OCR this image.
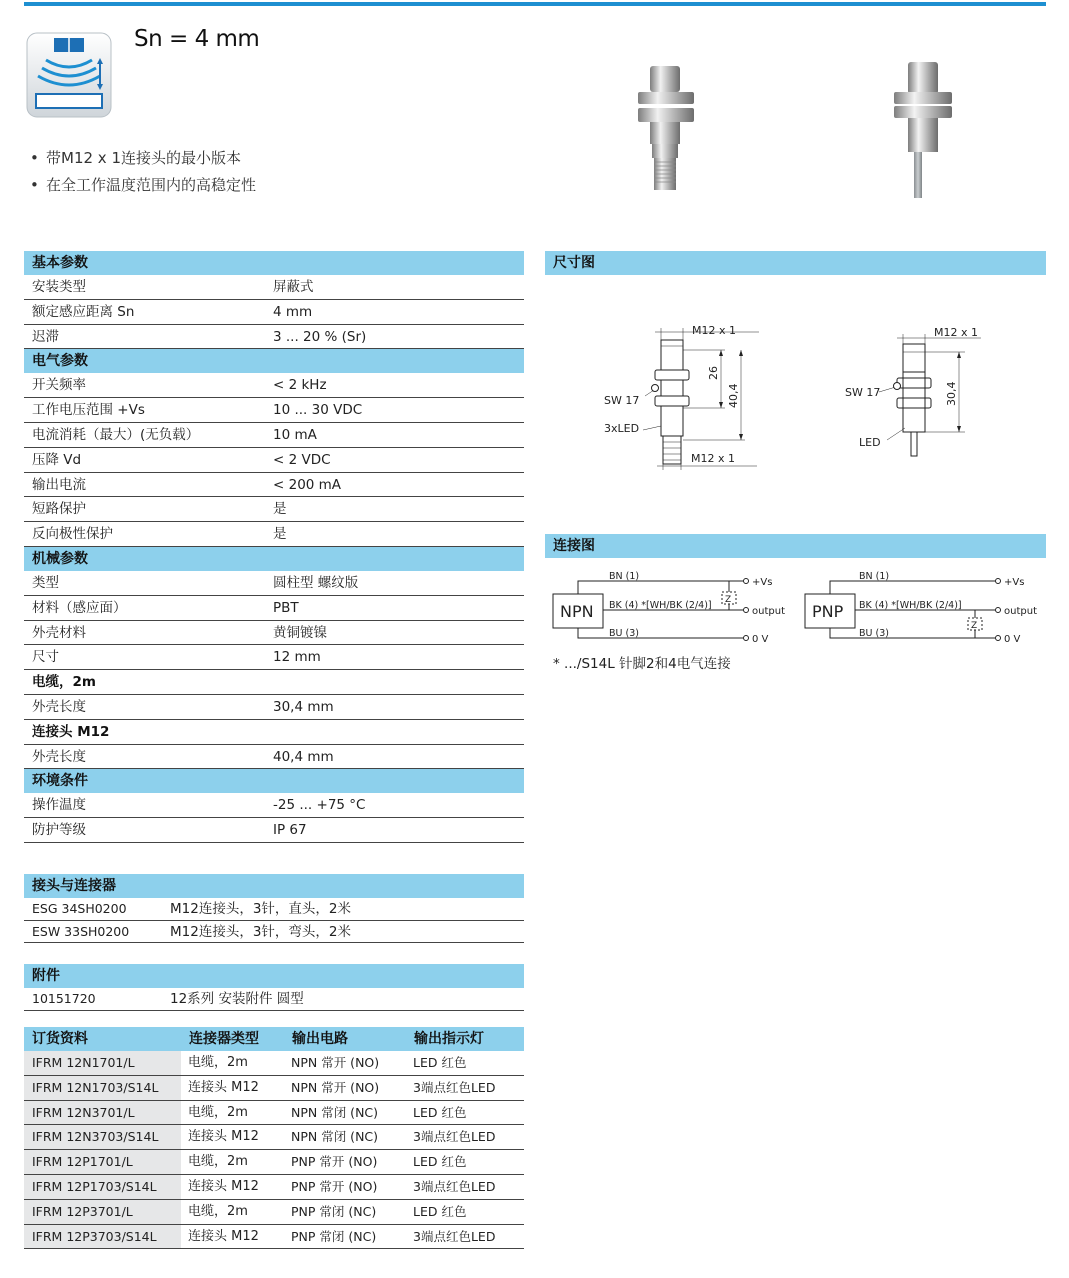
Sn = 4 mm
• 带M12 x 1连接头的最小版本
• 在全工作温度范围内的高稳定性
基本参数
安装类型	屏蔽式
额定感应距离 Sn	4 mm
迟滞	3 ... 20 % (Sr)
电气参数
开关频率	< 2 kHz
工作电压范围 +Vs	10 ... 30 VDC
电流消耗（最大）(无负载）	10 mA
压降 Vd	< 2 VDC
输出电流	< 200 mA
短路保护	是
反向极性保护	是
机械参数
类型	圆柱型 螺纹版
材料（感应面）	PBT
外壳材料	黄铜镀镍
尺寸	12 mm
电缆，2m
外壳长度	30,4 mm
连接头 M12
外壳长度	40,4 mm
环境条件
操作温度	-25 ... +75 °C
防护等级	IP 67
接头与连接器
ESG 34SH0200	M12连接头，3针，直头，2米
ESW 33SH0200	M12连接头，3针，弯头，2米
附件
10151720	12系列 安装附件 圆型
订货资料	连接器类型	输出电路	输出指示灯
IFRM 12N1701/L	电缆，2m	NPN 常开 (NO)	LED 红色
IFRM 12N1703/S14L	连接头 M12	NPN 常开 (NO)	3端点红色LED
IFRM 12N3701/L	电缆，2m	NPN 常闭 (NC)	LED 红色
IFRM 12N3703/S14L	连接头 M12	NPN 常闭 (NC)	3端点红色LED
IFRM 12P1701/L	电缆，2m	PNP 常开 (NO)	LED 红色
IFRM 12P1703/S14L	连接头 M12	PNP 常开 (NO)	3端点红色LED
IFRM 12P3701/L	电缆，2m	PNP 常闭 (NC)	LED 红色
IFRM 12P3703/S14L	连接头 M12	PNP 常闭 (NC)	3端点红色LED
尺寸图
M12 x 1
M12 x 1
26
40,4
SW 17
3xLED
M12 x 1
30,4
SW 17
LED
连接图
NPN	PNP
BN (1)
BK (4) *[WH/BK (2/4)]
BU (3)
Z
+Vs
output
0 V
BN (1)
BK (4) *[WH/BK (2/4)]
BU (3)
Z
+Vs
output
0 V
* .../S14L 针脚2和4电气连接
